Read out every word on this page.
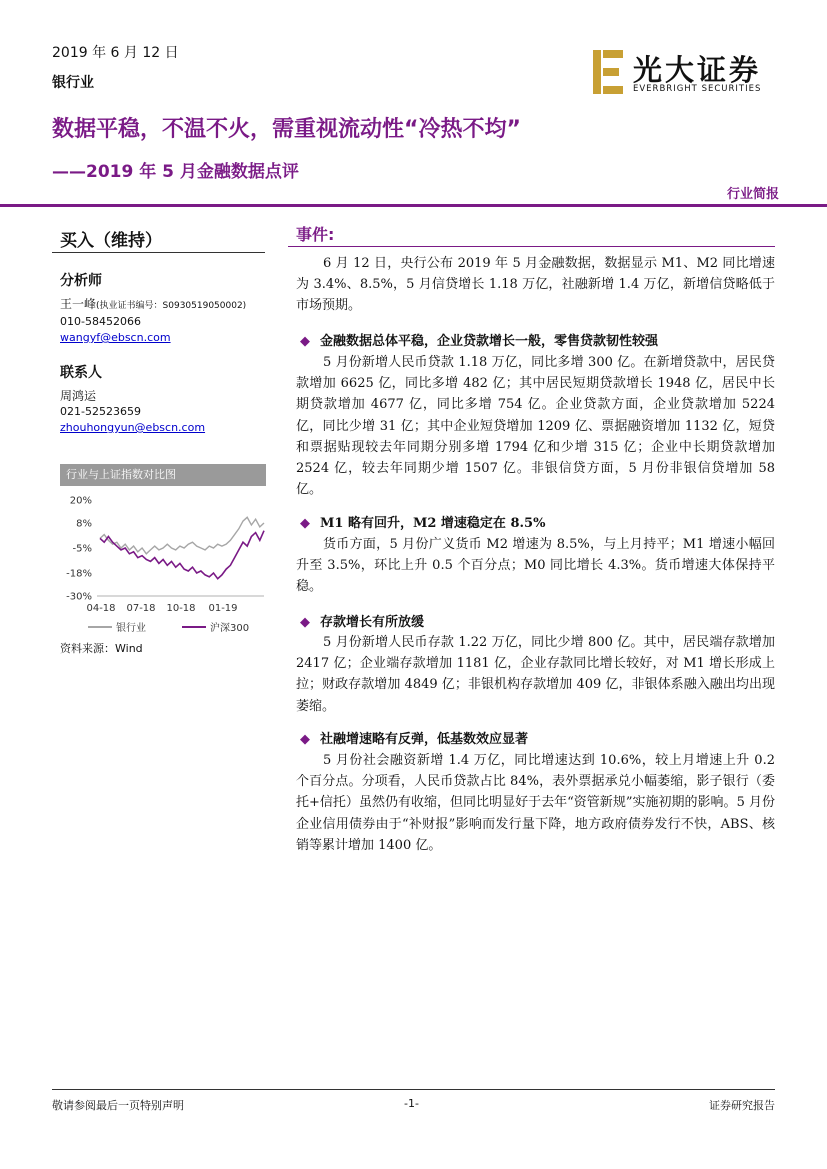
2019 年 6 月 12 日
银行业	光大证券
EVERBRIGHT SECURITIES
数据平稳，不温不火，需重视流动性“冷热不均”
——2019 年 5 月金融数据点评
行业简报
买入（维持）
分析师
王一峰(执业证书编号：S0930519050002)
010-58452066
wangyf@ebscn.com
联系人
周鸿运
021-52523659
zhouhongyun@ebscn.com
行业与上证指数对比图
20%
8%
-5%
-18%
-30%
04-18 07-18 10-18 01-19
银行业	沪深300
资料来源：Wind
事件:
6 月 12 日，央行公布 2019 年 5 月金融数据，数据显示 M1、M2 同比增速为 3.4%、8.5%，5 月信贷增长 1.18 万亿，社融新增 1.4 万亿，新增信贷略低于市场预期。
◆ 金融数据总体平稳，企业贷款增长一般，零售贷款韧性较强
5 月份新增人民币贷款 1.18 万亿，同比多增 300 亿。在新增贷款中，居民贷款增加 6625 亿，同比多增 482 亿；其中居民短期贷款增长 1948 亿，居民中长期贷款增加 4677 亿，同比多增 754 亿。企业贷款方面，企业贷款增加 5224 亿，同比少增 31 亿；其中企业短贷增加 1209 亿、票据融资增加 1132 亿，短贷和票据贴现较去年同期分别多增 1794 亿和少增 315 亿；企业中长期贷款增加 2524 亿，较去年同期少增 1507 亿。非银信贷方面，5 月份非银信贷增加 58 亿。
◆ M1 略有回升，M2 增速稳定在 8.5%
货币方面，5 月份广义货币 M2 增速为 8.5%，与上月持平；M1 增速小幅回升至 3.5%，环比上升 0.5 个百分点；M0 同比增长 4.3%。货币增速大体保持平稳。
◆ 存款增长有所放缓
5 月份新增人民币存款 1.22 万亿，同比少增 800 亿。其中，居民端存款增加 2417 亿；企业端存款增加 1181 亿，企业存款同比增长较好，对 M1 增长形成上拉；财政存款增加 4849 亿；非银机构存款增加 409 亿，非银体系融入融出均出现萎缩。
◆ 社融增速略有反弹，低基数效应显著
5 月份社会融资新增 1.4 万亿，同比增速达到 10.6%，较上月增速上升 0.2 个百分点。分项看，人民币贷款占比 84%，表外票据承兑小幅萎缩，影子银行（委托+信托）虽然仍有收缩，但同比明显好于去年“资管新规”实施初期的影响。5 月份企业信用债券由于“补财报”影响而发行量下降，地方政府债券发行不快，ABS、核销等累计增加 1400 亿。
敬请参阅最后一页特别声明	-1-	证券研究报告
